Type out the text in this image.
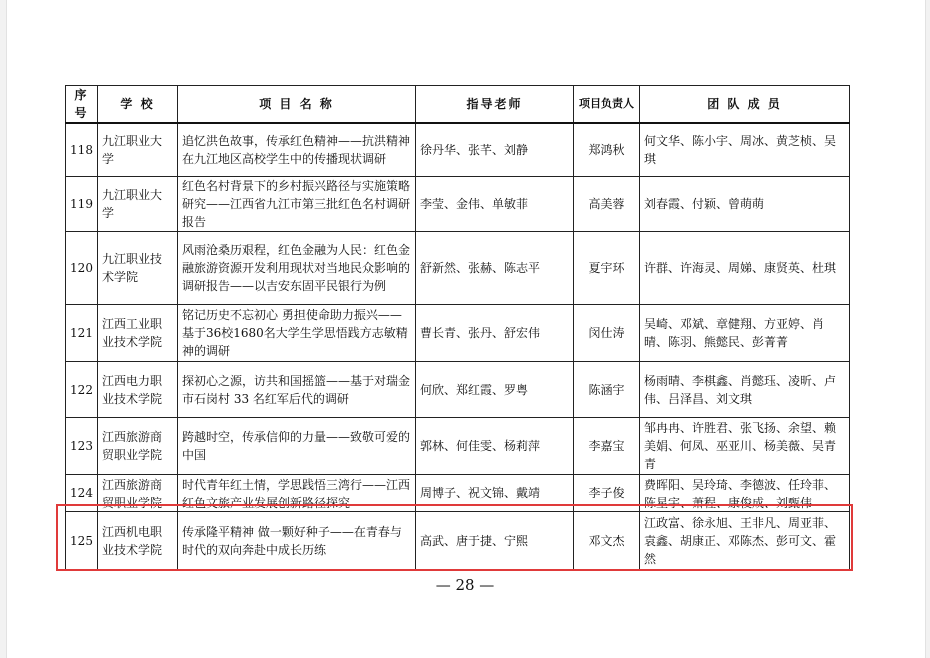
序号	学 校	项 目 名 称	指导老师	项目负责人	团 队 成 员
118	九江职业大学	追忆洪色故事，传承红色精神——抗洪精神在九江地区高校学生中的传播现状调研	徐丹华、张芊、刘静	郑鸿秋	何文华、陈小宇、周冰、黄芝桢、吴琪
119	九江职业大学	红色名村背景下的乡村振兴路径与实施策略研究——江西省九江市第三批红色名村调研报告	李莹、金伟、单敏菲	高美蓉	刘春霞、付颖、曾萌萌
120	九江职业技术学院	风雨沧桑历艰程，红色金融为人民：红色金融旅游资源开发利用现状对当地民众影响的调研报告——以吉安东固平民银行为例	舒新然、张赫、陈志平	夏宇环	许群、许海灵、周娣、康贤英、杜琪
121	江西工业职业技术学院	铭记历史不忘初心 勇担使命助力振兴——基于36校1680名大学生学思悟践方志敏精神的调研	曹长青、张丹、舒宏伟	闵仕涛	吴崎、邓斌、章健翔、方亚婷、肖晴、陈羽、熊懿民、彭菁菁
122	江西电力职业技术学院	探初心之源，访共和国摇篮——基于对瑞金市石岗村 33 名红军后代的调研	何欣、郑红霞、罗粤	陈涵宇	杨雨晴、李棋鑫、肖懿珏、凌昕、卢伟、吕泽昌、刘文琪
123	江西旅游商贸职业学院	跨越时空，传承信仰的力量——致敬可爱的中国	郭林、何佳雯、杨莉萍	李嘉宝	邹冉冉、许胜君、张飞扬、余望、赖美娟、何凤、巫亚川、杨美薇、吴青青
124	江西旅游商贸职业学院	时代青年红土情，学思践悟三湾行——江西红色文旅产业发展创新路径探究	周博子、祝文锦、戴靖	李子俊	费晖阳、吴玲琦、李德波、任玲菲、陈星宇、萧程、康俊成、刘甄伟

125	江西机电职业技术学院	传承隆平精神 做一颗好种子——在青春与时代的双向奔赴中成长历练	高武、唐于捷、宁熙	邓文杰	江政富、徐永旭、王非凡、周亚菲、袁鑫、胡康正、邓陈杰、彭可文、霍然
— 28 —
